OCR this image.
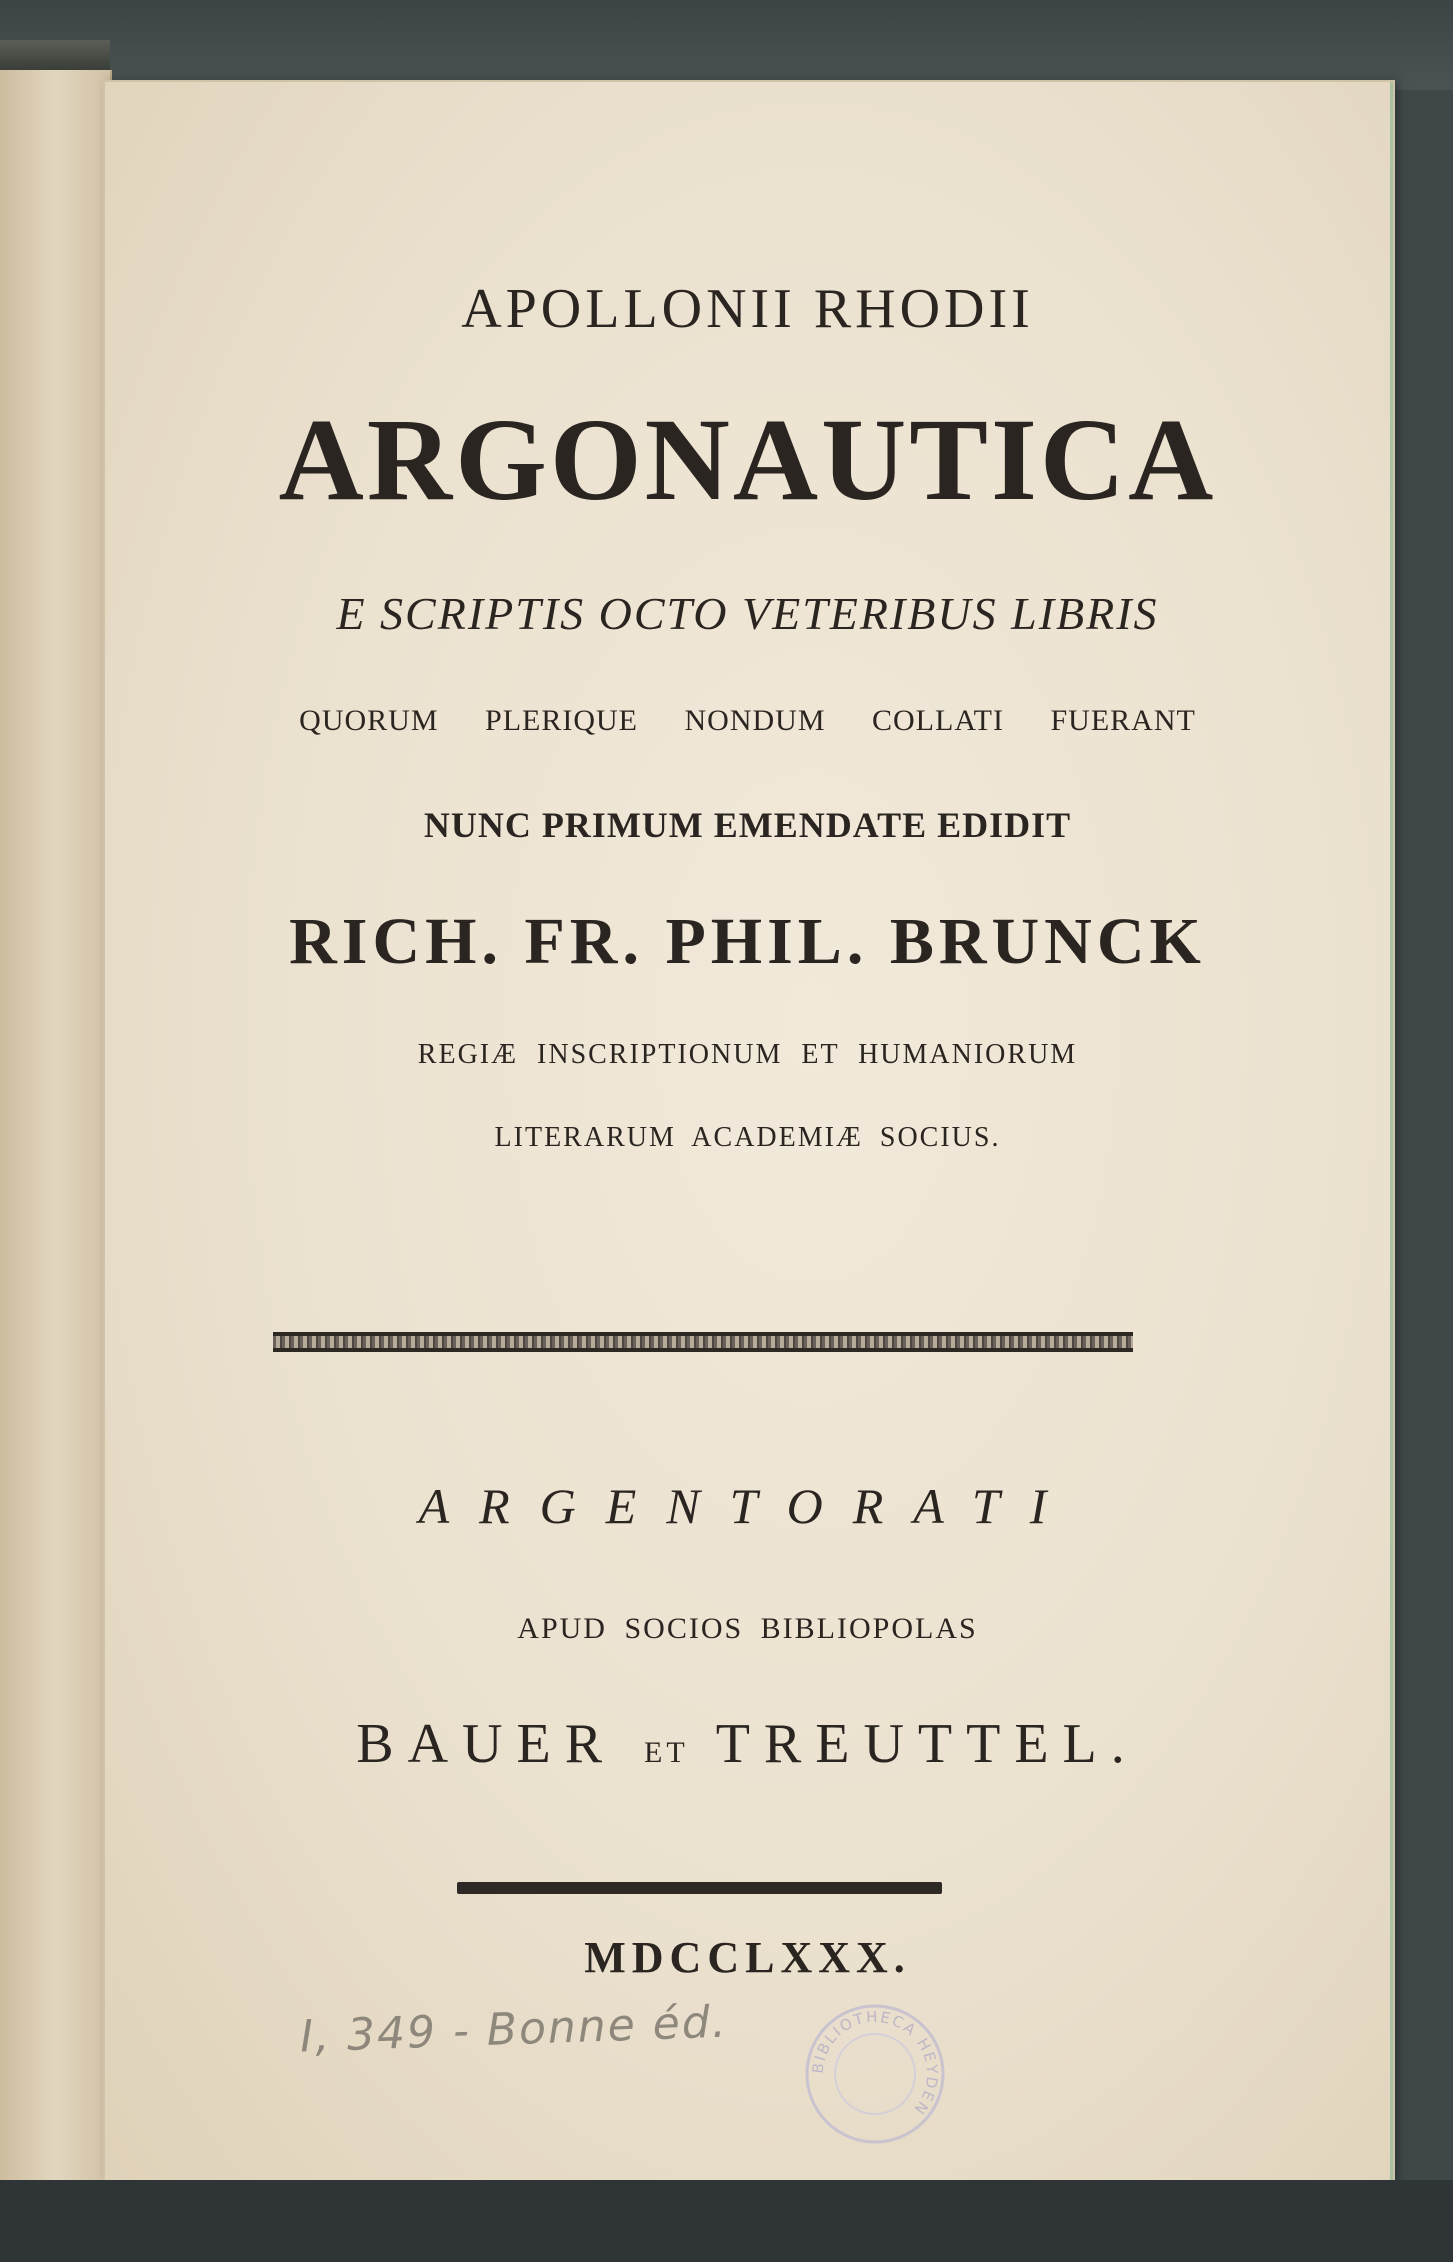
APOLLONII RHODII

ARGONAUTICA

E SCRIPTIS OCTO VETERIBUS LIBRIS

QUORUM PLERIQUE NONDUM COLLATI FUERANT

NUNC PRIMUM EMENDATE EDIDIT

RICH. FR. PHIL. BRUNCK

REGIÆ INSCRIPTIONUM ET HUMANIORUM

LITERARUM ACADEMIÆ SOCIUS.

ARGENTORATI

APUD SOCIOS BIBLIOPOLAS

BAUER ET TREUTTEL.

MDCCLXXX.

I, 349 - Bonne éd.
BIBLIOTHECA HEYDEN
